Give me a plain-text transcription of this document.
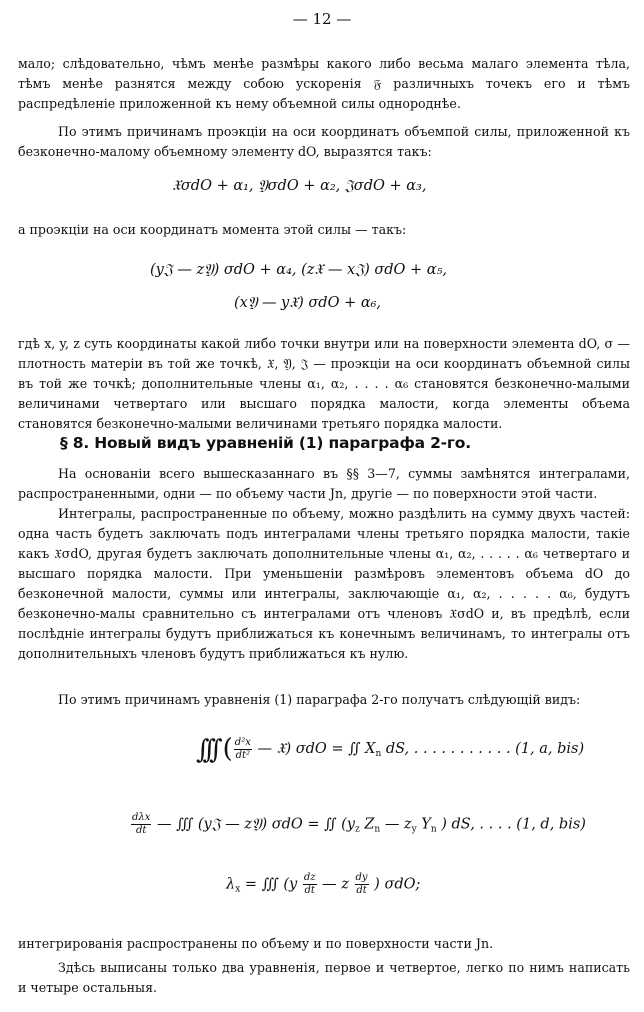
— 12 —
мало; слѣдовательно, чѣмъ менѣе размѣры какого либо весьма малаго элемента тѣла, тѣмъ менѣе разнятся между собою ускоренія 𝔉 различныхъ точекъ его и тѣмъ распредѣленіе приложенной къ нему объемной силы однороднѣе.
По этимъ причинамъ проэкціи на оси координатъ объемпой силы, приложенной къ безконечно-малому объемному элементу dO, выразятся такъ:
𝔛σdO + α₁, 𝔜σdO + α₂, 𝔍σdO + α₃,
а проэкціи на оси координатъ момента этой силы — такъ:
(y𝔍 — z𝔜) σdO + α₄, (z𝔛 — x𝔍) σdO + α₅,
(x𝔜 — y𝔛) σdO + α₆,
гдѣ x, y, z суть координаты какой либо точки внутри или на поверхности элемента dO, σ — плотность матеріи въ той же точкѣ, 𝔛, 𝔜, 𝔍 — проэкціи на оси координатъ объемной силы въ той же точкѣ; дополнительные члены α₁, α₂, . . . . α₆ становятся безконечно-малыми величинами четвертаго или высшаго порядка малости, когда элементы объема становятся безконечно-малыми величинами третьяго порядка малости.
§ 8. Новый видъ уравненій (1) параграфа 2-го.
На основаніи всего вышесказаннаго въ §§ 3—7, суммы замѣнятся интегралами, распространенными, одни — по объему части Jn, другіе — по поверхности этой части.
Интегралы, распространенные по объему, можно раздѣлить на сумму двухъ частей: одна часть будетъ заключать подъ интегралами члены третьяго порядка малости, такіе какъ 𝔛σdO, другая будетъ заключать дополнительные члены α₁, α₂, . . . . . α₆ четвертаго и высшаго порядка малости. При уменьшеніи размѣровъ элементовъ объема dO до безконечной малости, суммы или интегралы, заключающіе α₁, α₂, . . . . . α₆, будутъ безконечно-малы сравнительно съ интегралами отъ членовъ 𝔛σdO и, въ предѣлѣ, если послѣдніе интегралы будутъ приближаться къ конечнымъ величинамъ, то интегралы отъ дополнительныхъ членовъ будутъ приближаться къ нулю.
По этимъ причинамъ уравненія (1) параграфа 2-го получатъ слѣдующій видъ:
∫∫∫ ( $\frac{\text{d²x}}{\text{dt²}}$ — 𝔛) σdO = ∬ $X_n$ dS, . . . . . . . . . . . (1, a, bis)
$\frac{\text{dλx}}{dt}$ — ∭ (y𝔍 — z𝔜) σdO = ∬ ($y_z$ $Z_n$ — $z_y$ $Y_n$ ) dS, . . . . (1, d, bis)
$\lambda_x$ = ∭ ($y \frac{dz}{dt}$ — z $\frac{dy}{dt}$ ) σdO;
интегрированія распространены по объему и по поверхности части Jn.
Здѣсь выписаны только два уравненія, первое и четвертое, легко по нимъ написать и четыре остальныя.
